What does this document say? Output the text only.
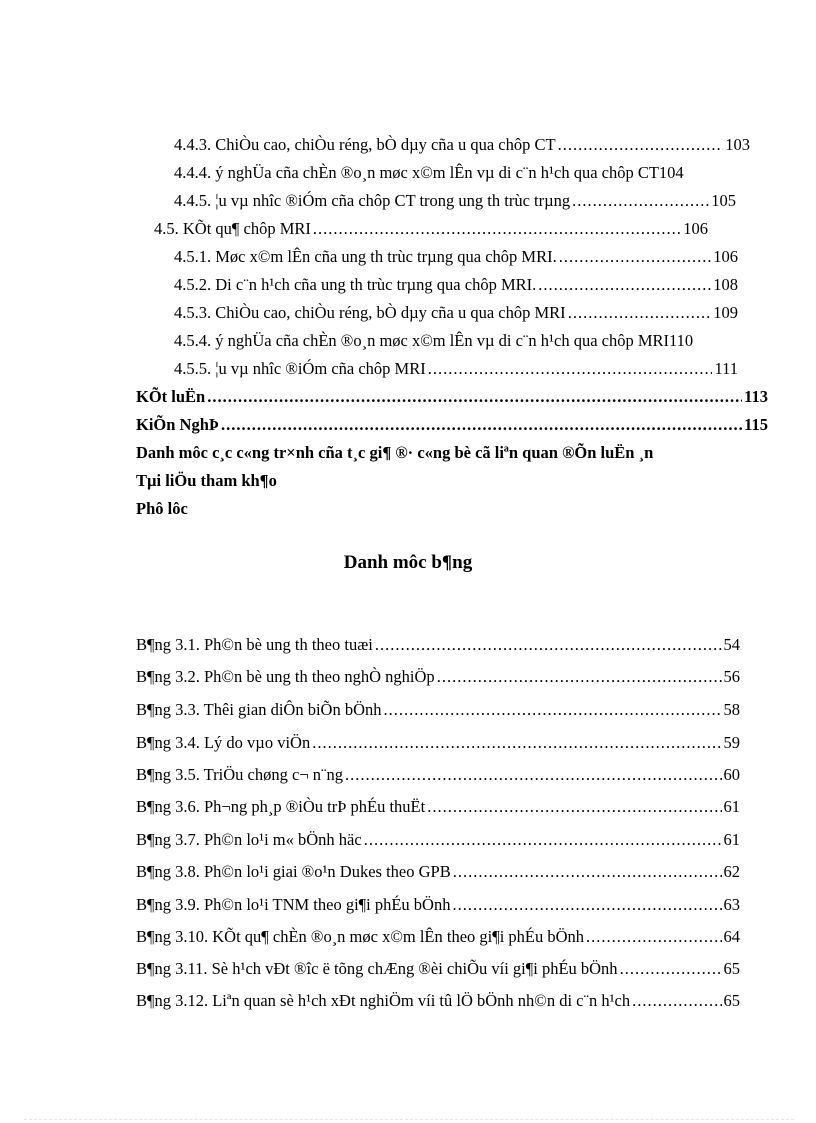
4.4.3. ChiÒu cao, chiÒu réng, bÒ dµy cña u qua chôp CT .....	103
4.4.4. ý nghÜa cña chÈn ®o¸n møc x©m lÊn vµ di c¨n h¹ch qua chôp CT 104
4.4.5. ¦u vµ nhîc ®iÓm cña chôp CT trong ung th trùc trµng .....	105
4.5. KÕt qu¶ chôp MRI .....	106
4.5.1. Møc x©m lÊn cña ung th trùc trµng qua chôp MRI. .....	106
4.5.2. Di c¨n h¹ch cña ung th trùc trµng qua chôp MRI. .....	108
4.5.3. ChiÒu cao, chiÒu réng, bÒ dµy cña u qua chôp MRI .....	109
4.5.4. ý nghÜa cña chÈn ®o¸n møc x©m lÊn vµ di c¨n h¹ch qua chôp MRI 110
4.5.5. ¦u vµ nhîc ®iÓm cña chôp MRI .....	111
KÕt luËn .....	113
KiÕn NghÞ .....	115
Danh môc c¸c c«ng tr×nh cña t¸c gi¶ ®· c«ng bè cã liªn quan ®Õn luËn ¸n
Tµi liÖu tham kh¶o
Phô lôc
Danh môc b¶ng
B¶ng 3.1. Ph©n bè ung th theo tuæi .....	54
B¶ng 3.2. Ph©n bè ung th theo nghÒ nghiÖp .....	56
B¶ng 3.3. Thêi gian diÔn biÕn bÖnh .....	58
B¶ng 3.4. Lý do vµo viÖn .....	59
B¶ng 3.5. TriÖu chøng c¬ n¨ng .....	60
B¶ng 3.6. Ph¬ng ph¸p ®iÒu trÞ phÉu thuËt .....	61
B¶ng 3.7. Ph©n lo¹i m« bÖnh häc .....	61
B¶ng 3.8. Ph©n lo¹i giai ®o¹n Dukes theo GPB .....	62
B¶ng 3.9. Ph©n lo¹i TNM theo gi¶i phÉu bÖnh .....	63
B¶ng 3.10. KÕt qu¶ chÈn ®o¸n møc x©m lÊn theo gi¶i phÉu bÖnh .....	64
B¶ng 3.11. Sè h¹ch vÐt ®îc ë tõng chÆng ®èi chiÕu víi gi¶i phÉu bÖnh .....	65
B¶ng 3.12. Liªn quan sè h¹ch xÐt nghiÖm víi tû lÖ bÖnh nh©n di c¨n h¹ch .....	65
